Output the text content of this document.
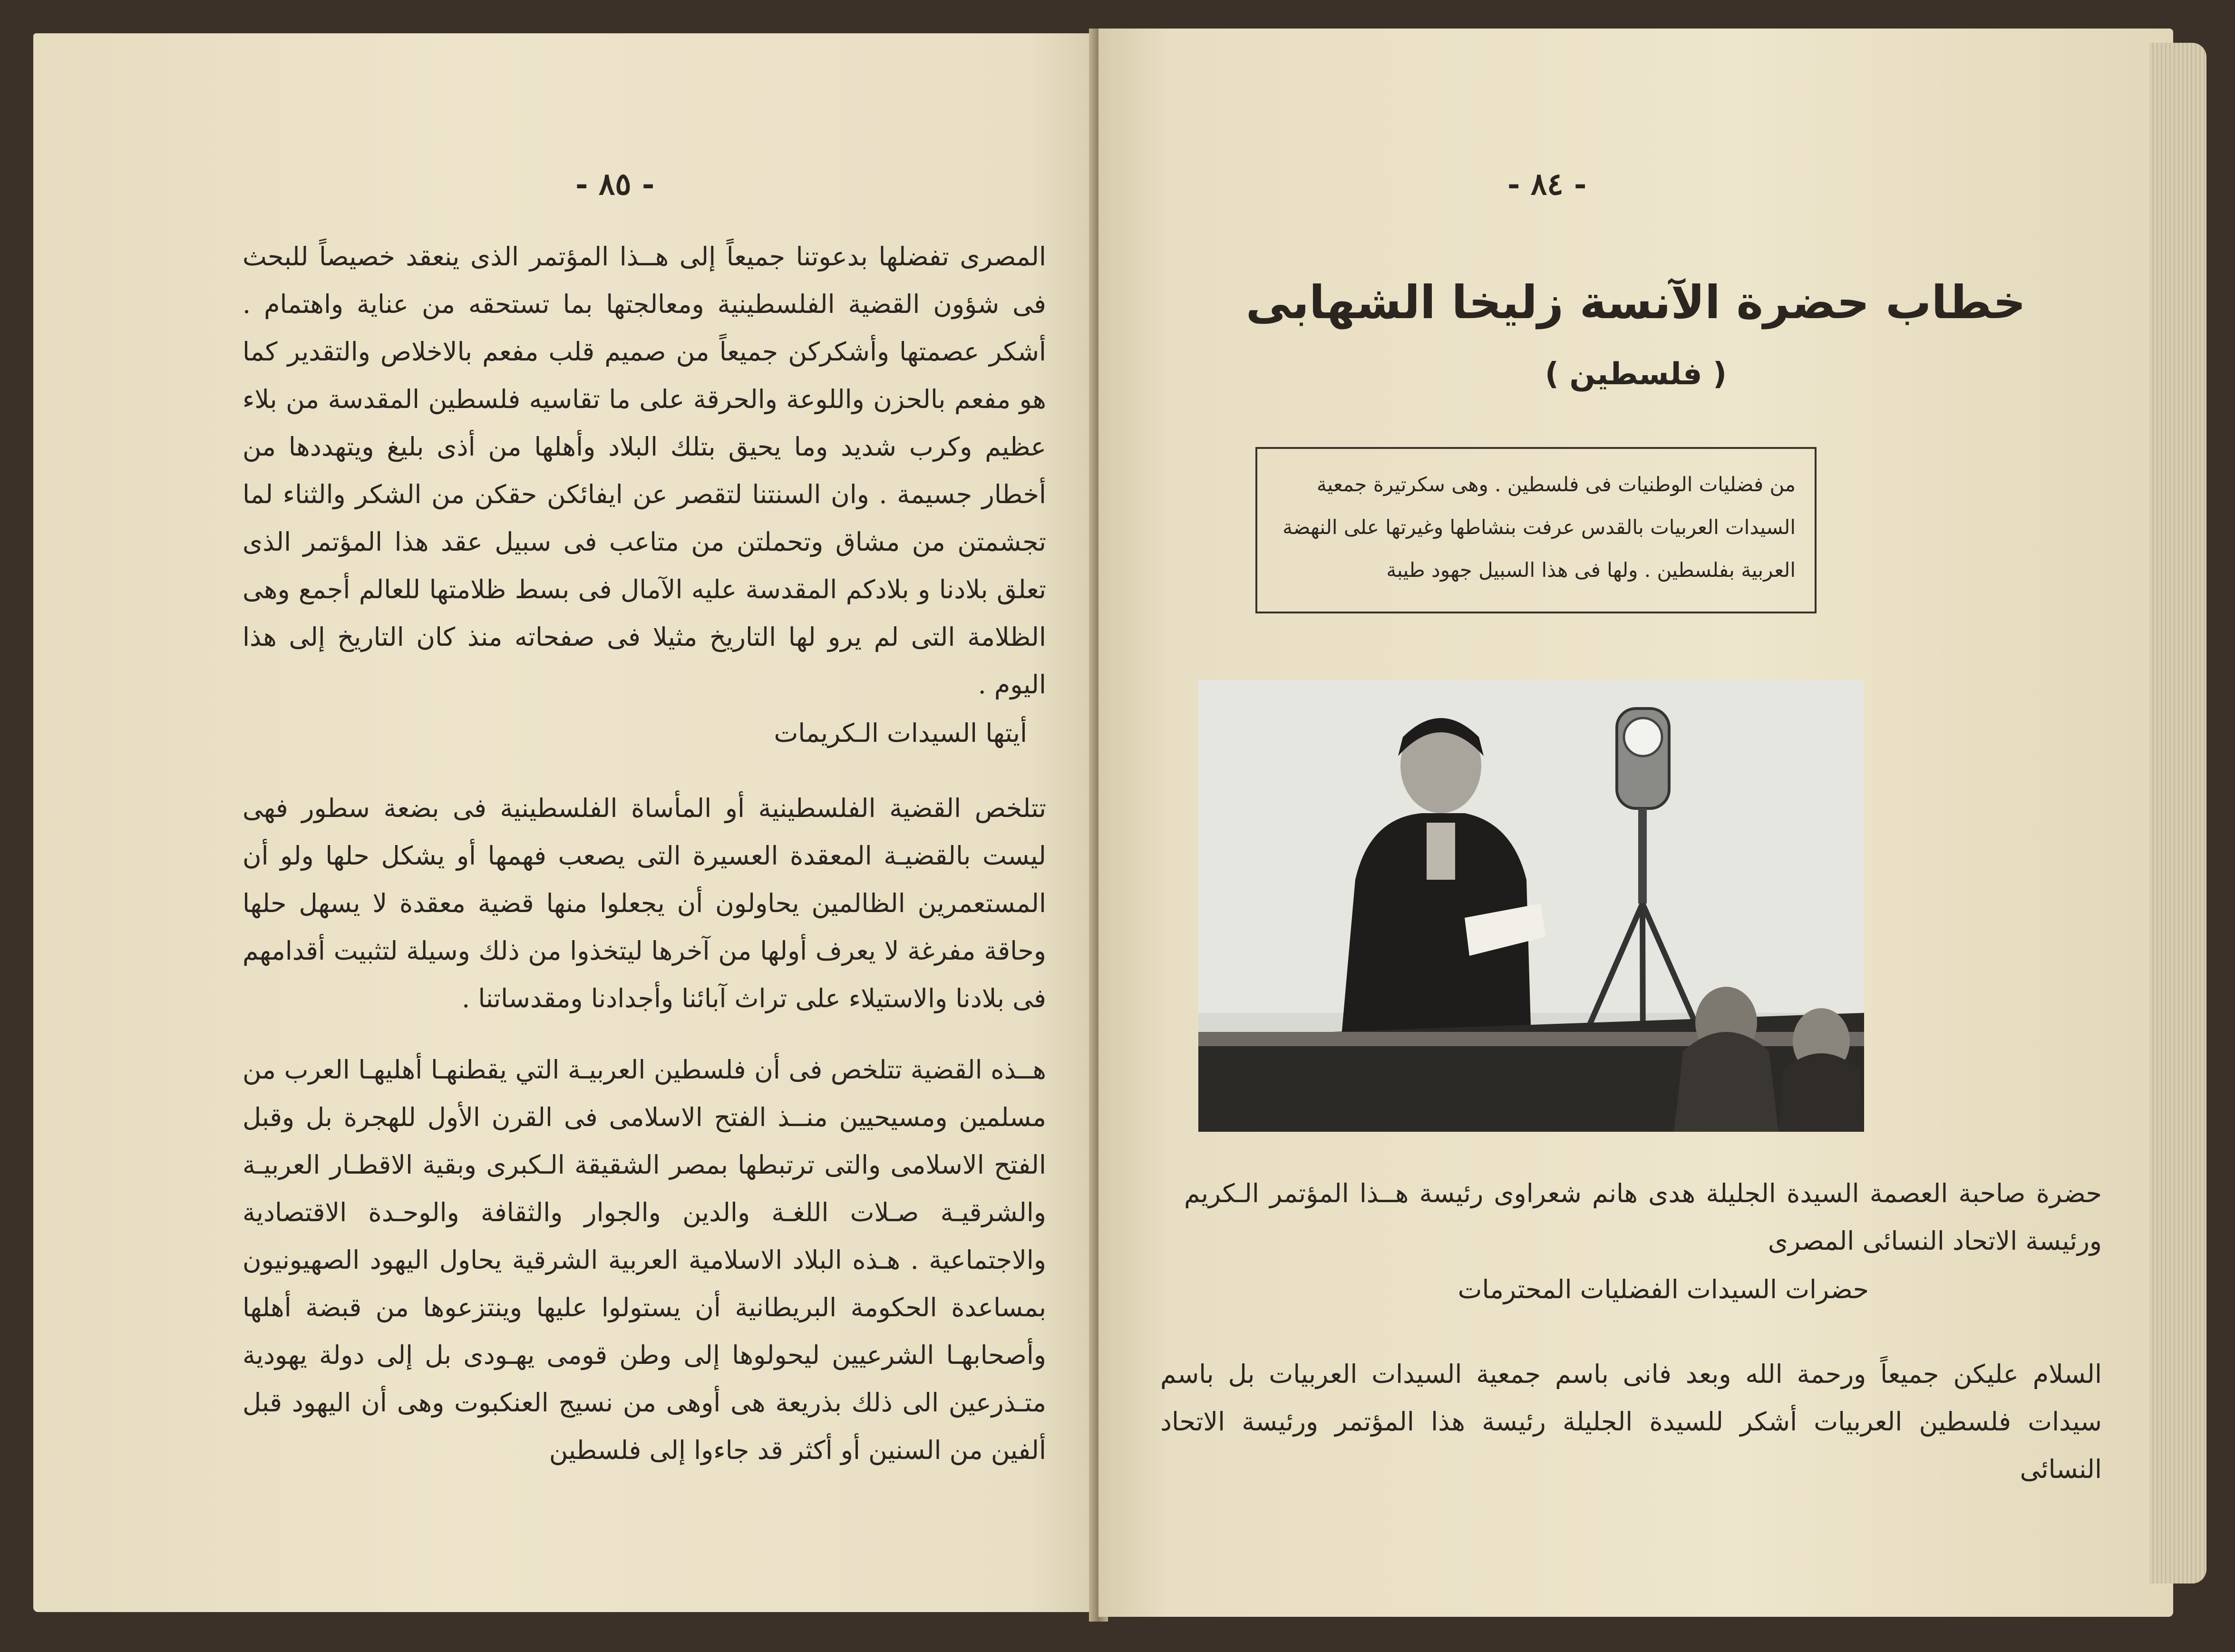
- ٨٥ -
المصرى تفضلها بدعوتنا جميعاً إلى هــذا المؤتمر الذى ينعقد خصيصاً للبحث فى شؤون القضية الفلسطينية ومعالجتها بما تستحقه من عناية واهتمام . أشكر عصمتها وأشكركن جميعاً من صميم قلب مفعم بالاخلاص والتقدير كما هو مفعم بالحزن واللوعة والحرقة على ما تقاسيه فلسطين المقدسة من بلاء عظيم وكرب شديد وما يحيق بتلك البلاد وأهلها من أذى بليغ ويتهددها من أخطار جسيمة . وان السنتنا لتقصر عن ايفائكن حقكن من الشكر والثناء لما تجشمتن من مشاق وتحملتن من متاعب فى سبيل عقد هذا المؤتمر الذى تعلق بلادنا و بلادكم المقدسة عليه الآمال فى بسط ظلامتها للعالم أجمع وهى الظلامة التى لم يرو لها التاريخ مثيلا فى صفحاته منذ كان التاريخ إلى هذا اليوم .
أيتها السيدات الـكريمات
تتلخص القضية الفلسطينية أو المأساة الفلسطينية فى بضعة سطور فهى ليست بالقضيـة المعقدة العسيرة التى يصعب فهمها أو يشكل حلها ولو أن المستعمرين الظالمين يحاولون أن يجعلوا منها قضية معقدة لا يسهل حلها وحاقة مفرغة لا يعرف أولها من آخرها ليتخذوا من ذلك وسيلة لتثبيت أقدامهم فى بلادنا والاستيلاء على تراث آبائنا وأجدادنا ومقدساتنا .
هــذه القضية تتلخص فى أن فلسطين العربيـة التي يقطنهـا أهليهـا العرب من مسلمين ومسيحيين منــذ الفتح الاسلامى فى القرن الأول للهجرة بل وقبل الفتح الاسلامى والتى ترتبطها بمصر الشقيقة الـكبرى وبقية الاقطـار العربيـة والشرقيـة صـلات اللغـة والدين والجوار والثقافة والوحـدة الاقتصادية والاجتماعية . هـذه البلاد الاسلامية العربية الشرقية يحاول اليهود الصهيونيون بمساعدة الحكومة البريطانية أن يستولوا عليها وينتزعوها من قبضة أهلها وأصحابهـا الشرعيين ليحولوها إلى وطن قومى يهـودى بل إلى دولة يهودية متـذرعين الى ذلك بذريعة هى أوهى من نسيج العنكبوت وهى أن اليهود قبل ألفين من السنين أو أكثر قد جاءوا إلى فلسطين
- ٨٤ -
خطاب حضرة الآنسة زليخا الشهابى
( فلسطين )
من فضليات الوطنيات فى فلسطين . وهى سكرتيرة جمعية السيدات العربيات بالقدس عرفت بنشاطها وغيرتها على النهضة العربية بفلسطين . ولها فى هذا السبيل جهود طيبة
حضرة صاحبة العصمة السيدة الجليلة هدى هانم شعراوى رئيسة هــذا المؤتمر الـكريم ورئيسة الاتحاد النسائى المصرى
حضرات السيدات الفضليات المحترمات
السلام عليكن جميعاً ورحمة الله وبعد فانى باسم جمعية السيدات العربيات بل باسم سيدات فلسطين العربيات أشكر للسيدة الجليلة رئيسة هذا المؤتمر ورئيسة الاتحاد النسائى
